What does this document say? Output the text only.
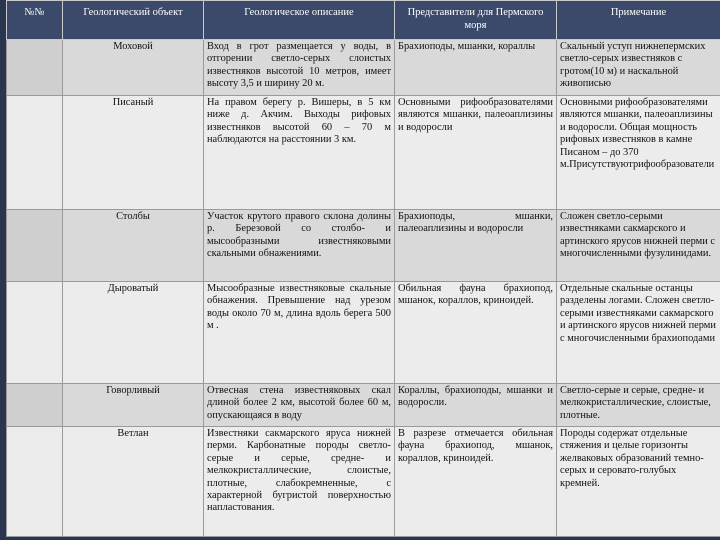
№№	Геологический объект	Геологическое описание	Представители для Пермского моря	Примечание
	Моховой	Вход в грот размещается у воды, в отгорении светло-серых слоистых известняков высотой 10 метров, имеет высоту 3,5 и ширину 20 м.	Брахиоподы, мшанки, кораллы	Скальный уступ нижнепермских светло-серых известняков с гротом(10 м) и наскальной живописью
	Писаный	На правом берегу р. Вишеры, в 5 км ниже д. Акчим. Выходы рифовых известняков высотой 60 – 70 м наблюдаются на расстоянии 3 км.	Основными рифообразователями являются мшанки, палеоаплизины и водоросли	Основными рифообразователями являются мшанки, палеоаплизины и водоросли. Общая мощность рифовых известняков в камне Писаном – до 370 м.Присутствуютрифообразователи
	Столбы	Участок крутого правого склона долины р. Березовой со столбо- и мысообразными известняковыми скальными обнажениями.	Брахиоподы, мшанки, палеоаплизины и водоросли	Сложен светло-серыми известняками сакмарского и артинского ярусов нижней перми с многочисленными фузулинидами.
	Дыроватый	Мысообразные известняковые скальные обнажения. Превышение над урезом воды около 70 м, длина вдоль берега 500 м .	Обильная фауна брахиопод, мшанок, кораллов, криноидей.	Отдельные скальные останцы разделены логами. Сложен светло-серыми известняками сакмарского и артинского ярусов нижней перми с многочисленными брахиоподами
	Говорливый	Отвесная стена известняковых скал длиной более 2 км, высотой более 60 м, опускающаяся в воду	Кораллы, брахиоподы, мшанки и водоросли.	Светло-серые и серые, средне- и мелкокристаллические, слоистые, плотные.
	Ветлан	Известняки сакмарского яруса нижней перми. Карбонатные породы светло-серые и серые, средне- и мелкокристаллические, слоистые, плотные, слабокремненные, с характерной бугристой поверхностью напластования.	В разрезе отмечается обильная фауна брахиопод, мшанок, кораллов, криноидей.	Породы содержат отдельные стяжения и целые горизонты желваковых образований темно-серых и серовато-голубых кремней.
